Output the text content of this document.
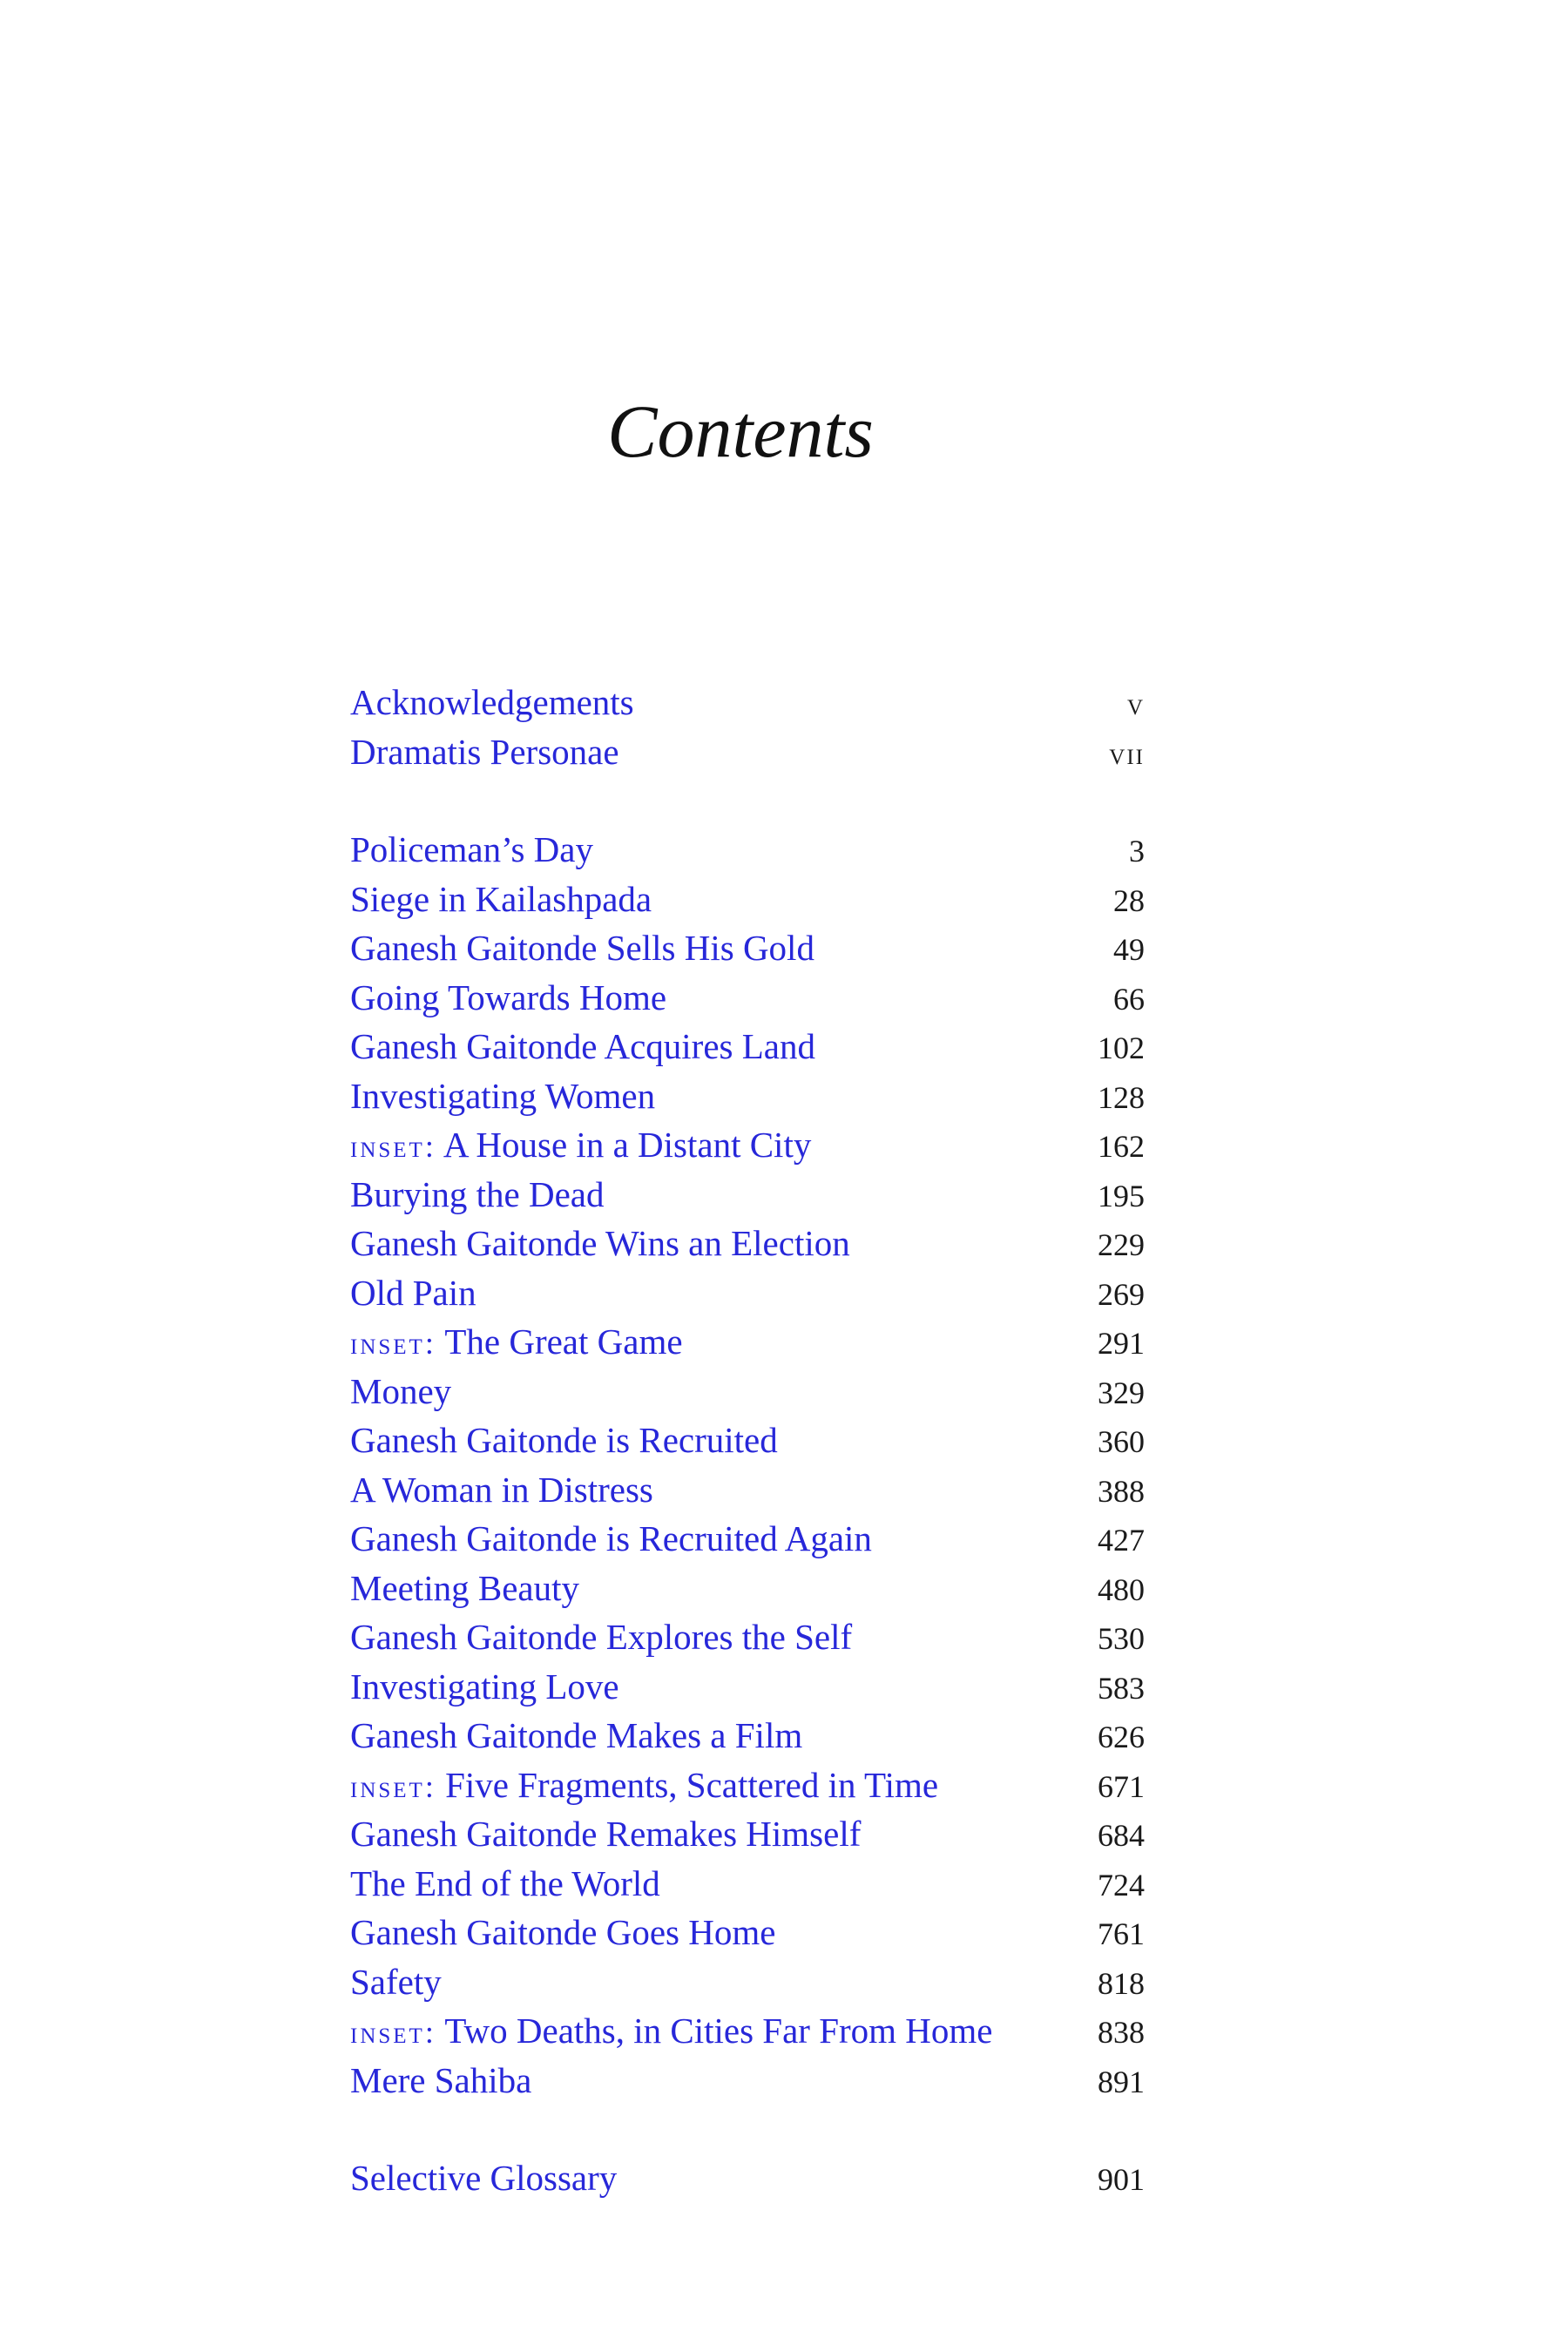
Contents
Acknowledgements	v
Dramatis Personae	vii
Policeman’s Day	3
Siege in Kailashpada	28
Ganesh Gaitonde Sells His Gold	49
Going Towards Home	66
Ganesh Gaitonde Acquires Land	102
Investigating Women	128
inset: A House in a Distant City	162
Burying the Dead	195
Ganesh Gaitonde Wins an Election	229
Old Pain	269
inset: The Great Game	291
Money	329
Ganesh Gaitonde is Recruited	360
A Woman in Distress	388
Ganesh Gaitonde is Recruited Again	427
Meeting Beauty	480
Ganesh Gaitonde Explores the Self	530
Investigating Love	583
Ganesh Gaitonde Makes a Film	626
inset: Five Fragments, Scattered in Time	671
Ganesh Gaitonde Remakes Himself	684
The End of the World	724
Ganesh Gaitonde Goes Home	761
Safety	818
inset: Two Deaths, in Cities Far From Home	838
Mere Sahiba	891
Selective Glossary	901
